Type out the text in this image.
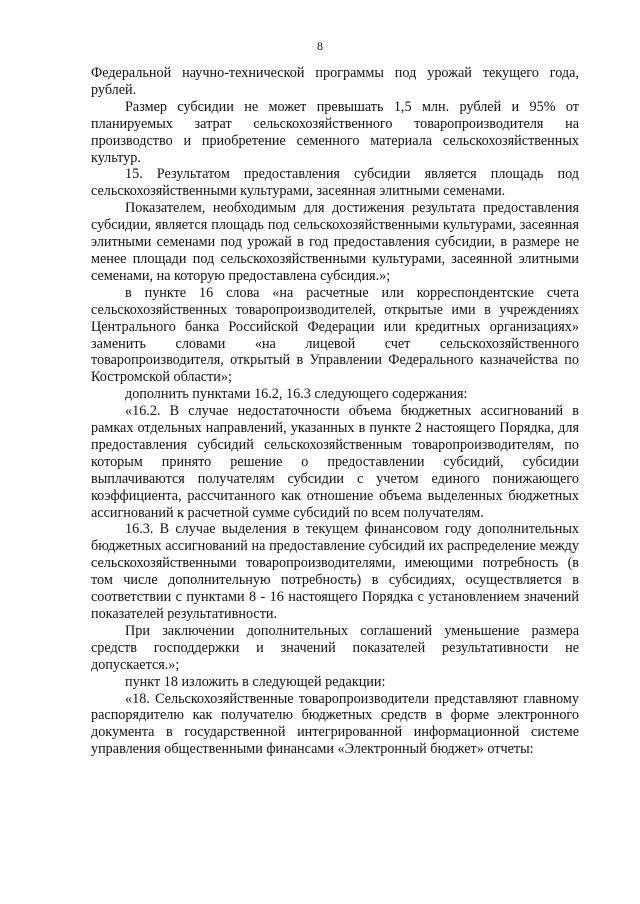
8

Федеральной научно-технической программы под урожай текущего года, рублей.

Размер субсидии не может превышать 1,5 млн. рублей и 95% от планируемых затрат сельскохозяйственного товаропроизводителя на производство и приобретение семенного материала сельскохозяйственных культур.

15. Результатом предоставления субсидии является площадь под сельскохозяйственными культурами, засеянная элитными семенами.

Показателем, необходимым для достижения результата предоставления субсидии, является площадь под сельскохозяйственными культурами, засеянная элитными семенами под урожай в год предоставления субсидии, в размере не менее площади под сельскохозяйственными культурами, засеянной элитными семенами, на которую предоставлена субсидия.»;

в пункте 16 слова «на расчетные или корреспондентские счета сельскохозяйственных товаропроизводителей, открытые ими в учреждениях Центрального банка Российской Федерации или кредитных организациях» заменить словами «на лицевой счет сельскохозяйственного товаропроизводителя, открытый в Управлении Федерального казначейства по Костромской области»;

дополнить пунктами 16.2, 16.3 следующего содержания:

«16.2. В случае недостаточности объема бюджетных ассигнований в рамках отдельных направлений, указанных в пункте 2 настоящего Порядка, для предоставления субсидий сельскохозяйственным товаропроизводителям, по которым принято решение о предоставлении субсидий, субсидии выплачиваются получателям субсидии с учетом единого понижающего коэффициента, рассчитанного как отношение объема выделенных бюджетных ассигнований к расчетной сумме субсидий по всем получателям.

16.3. В случае выделения в текущем финансовом году дополнительных бюджетных ассигнований на предоставление субсидий их распределение между сельскохозяйственными товаропроизводителями, имеющими потребность (в том числе дополнительную потребность) в субсидиях, осуществляется в соответствии с пунктами 8 - 16 настоящего Порядка с установлением значений показателей результативности.

При заключении дополнительных соглашений уменьшение размера средств господдержки и значений показателей результативности не допускается.»;

пункт 18 изложить в следующей редакции:

«18. Сельскохозяйственные товаропроизводители представляют главному распорядителю как получателю бюджетных средств в форме электронного документа в государственной интегрированной информационной системе управления общественными финансами «Электронный бюджет» отчеты:
